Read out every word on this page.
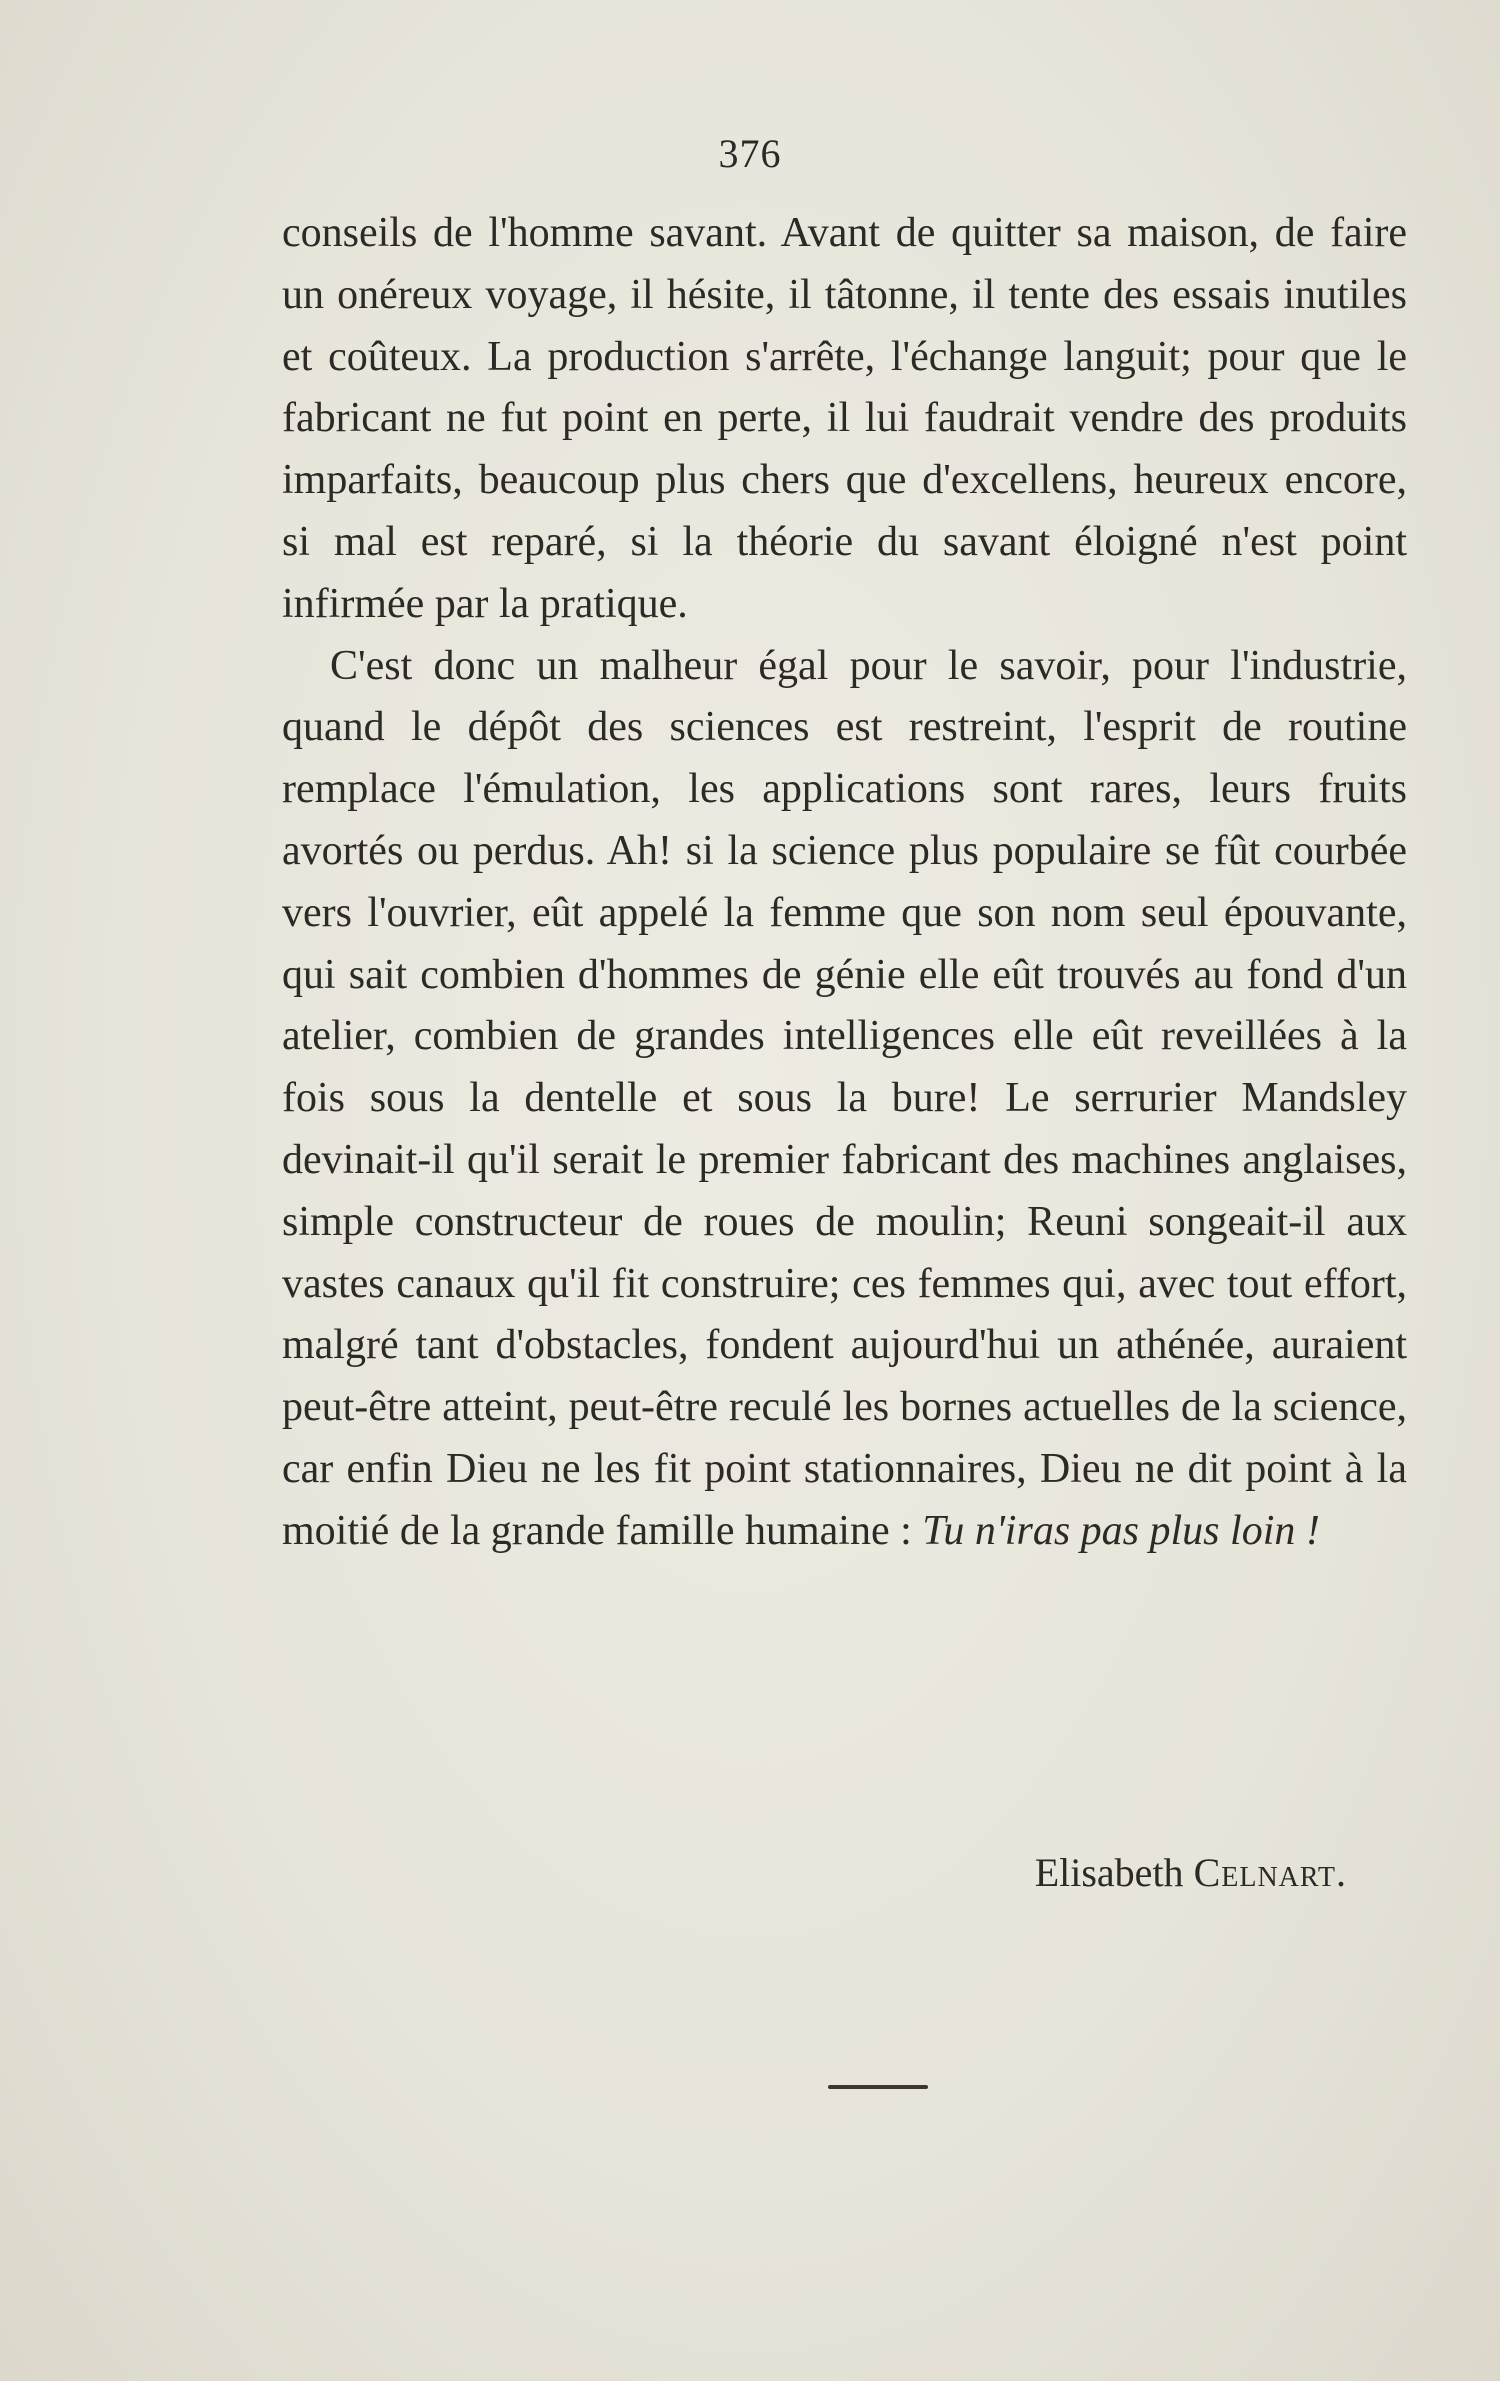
376

conseils de l'homme savant. Avant de quitter sa maison, de faire un onéreux voyage, il hésite, il tâtonne, il tente des essais inutiles et coûteux. La production s'arrête, l'échange languit; pour que le fabricant ne fut point en perte, il lui faudrait vendre des produits imparfaits, beaucoup plus chers que d'excellens, heureux encore, si mal est reparé, si la théorie du savant éloigné n'est point infirmée par la pratique.

C'est donc un malheur égal pour le savoir, pour l'industrie, quand le dépôt des sciences est restreint, l'esprit de routine remplace l'émulation, les applications sont rares, leurs fruits avortés ou perdus. Ah! si la science plus populaire se fût courbée vers l'ouvrier, eût appelé la femme que son nom seul épouvante, qui sait combien d'hommes de génie elle eût trouvés au fond d'un atelier, combien de grandes intelligences elle eût reveillées à la fois sous la dentelle et sous la bure! Le serrurier Mandsley devinait-il qu'il serait le premier fabricant des machines anglaises, simple constructeur de roues de moulin; Reuni songeait-il aux vastes canaux qu'il fit construire; ces femmes qui, avec tout effort, malgré tant d'obstacles, fondent aujourd'hui un athénée, auraient peut-être atteint, peut-être reculé les bornes actuelles de la science, car enfin Dieu ne les fit point stationnaires, Dieu ne dit point à la moitié de la grande famille humaine : Tu n'iras pas plus loin !

Elisabeth Celnart.
